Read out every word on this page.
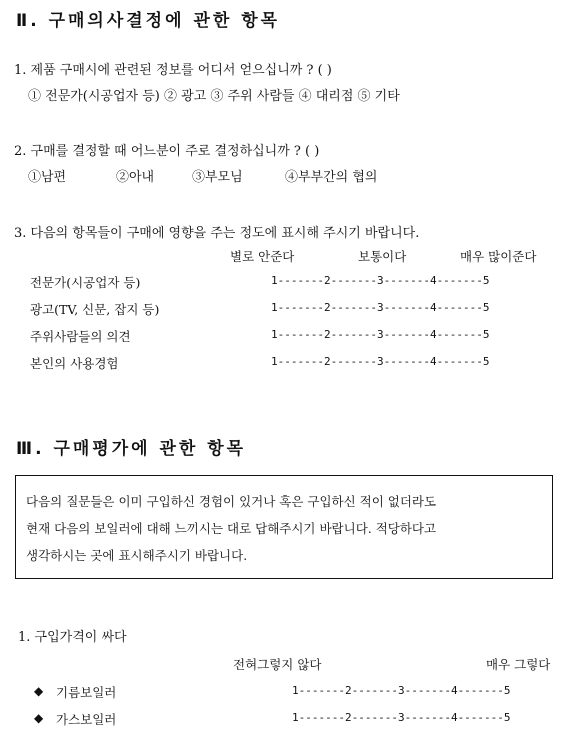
Ⅱ. 구매의사결정에 관한 항목
1. 제품 구매시에 관련된 정보를 어디서 얻으십니까 ? ( )
① 전문가(시공업자 등) ② 광고 ③ 주위 사람들 ④ 대리점 ⑤ 기타
2. 구매를 결정할 때 어느분이 주로 결정하십니까 ? ( )
①남편	②아내	③부모님	④부부간의 협의
3. 다음의 항목들이 구매에 영향을 주는 정도에 표시해 주시기 바랍니다.
별로 안준다	보통이다	매우 많이준다
전문가(시공업자 등)	1-------2-------3-------4-------5
광고(TV, 신문, 잡지 등)	1-------2-------3-------4-------5
주위사람들의 의견	1-------2-------3-------4-------5
본인의 사용경험	1-------2-------3-------4-------5
Ⅲ. 구매평가에 관한 항목
다음의 질문들은 이미 구입하신 경험이 있거나 혹은 구입하신 적이 없더라도
현재 다음의 보일러에 대해 느끼시는 대로 답해주시기 바랍니다. 적당하다고
생각하시는 곳에 표시해주시기 바랍니다.
1. 구입가격이 싸다
전혀그렇지 않다	매우 그렇다
◆ 기름보일러	1-------2-------3-------4-------5
◆ 가스보일러	1-------2-------3-------4-------5
